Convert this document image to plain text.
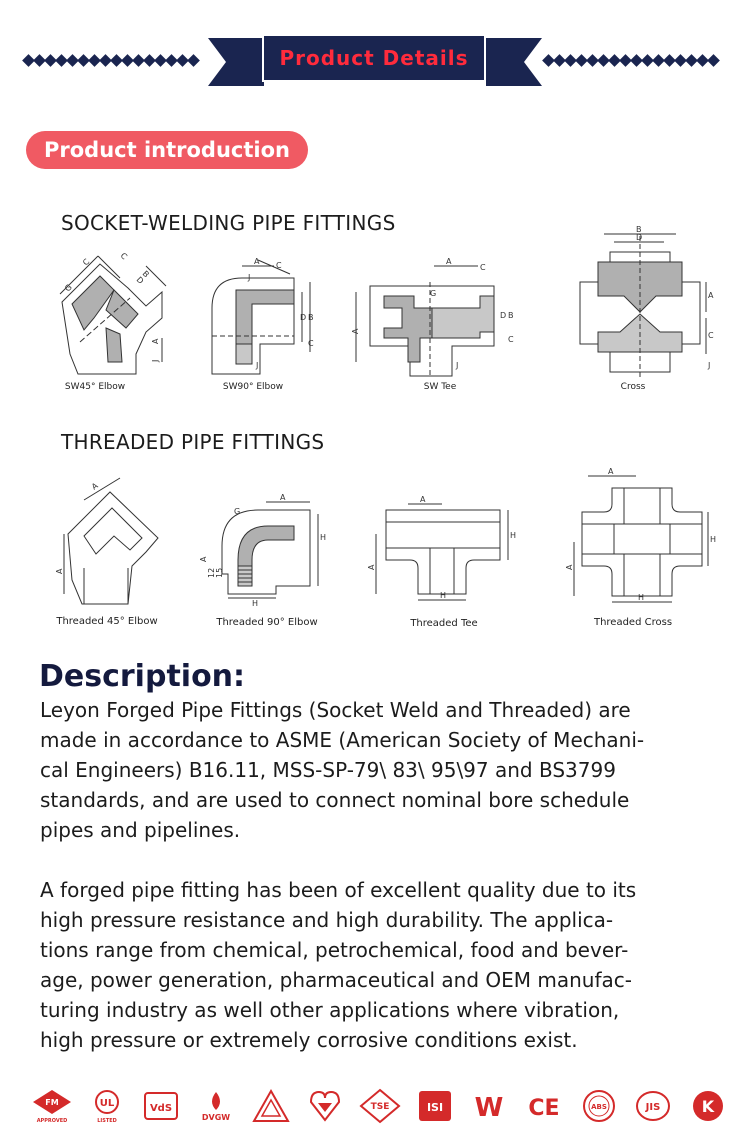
Product Details
Product introduction
SOCKET-WELDING PIPE FITTINGS
G
C
C
B
D
A
J
SW45° Elbow
A C
J
D B
C
J
SW90° Elbow
A
C
G
A
D B
C
J
SW Tee
B
D
A
C
J
Cross
THREADED PIPE FITTINGS
A
A
Threaded 45° Elbow
A
G
H
12 15
A
H
Threaded 90° Elbow
A
H
A
H
Threaded Tee
A
H
A
H
Threaded Cross
Description:

Leyon Forged Pipe Fittings (Socket Weld and Threaded) are
made in accordance to ASME (American Society of Mechani-
cal Engineers) B16.11, MSS-SP-79\ 83\ 95\97 and BS3799
standards, and are used to connect nominal bore schedule
pipes and pipelines.

A forged pipe fitting has been of excellent quality due to its
high pressure resistance and high durability. The applica-
tions range from chemical, petrochemical, food and bever-
age, power generation, pharmaceutical and OEM manufac-
turing industry as well other applications where vibration,
high pressure or extremely corrosive conditions exist.

FM
APPROVED
UL
LISTED
VdS
DVGW
TSE	ISI W CE	ABS	JIS	K
